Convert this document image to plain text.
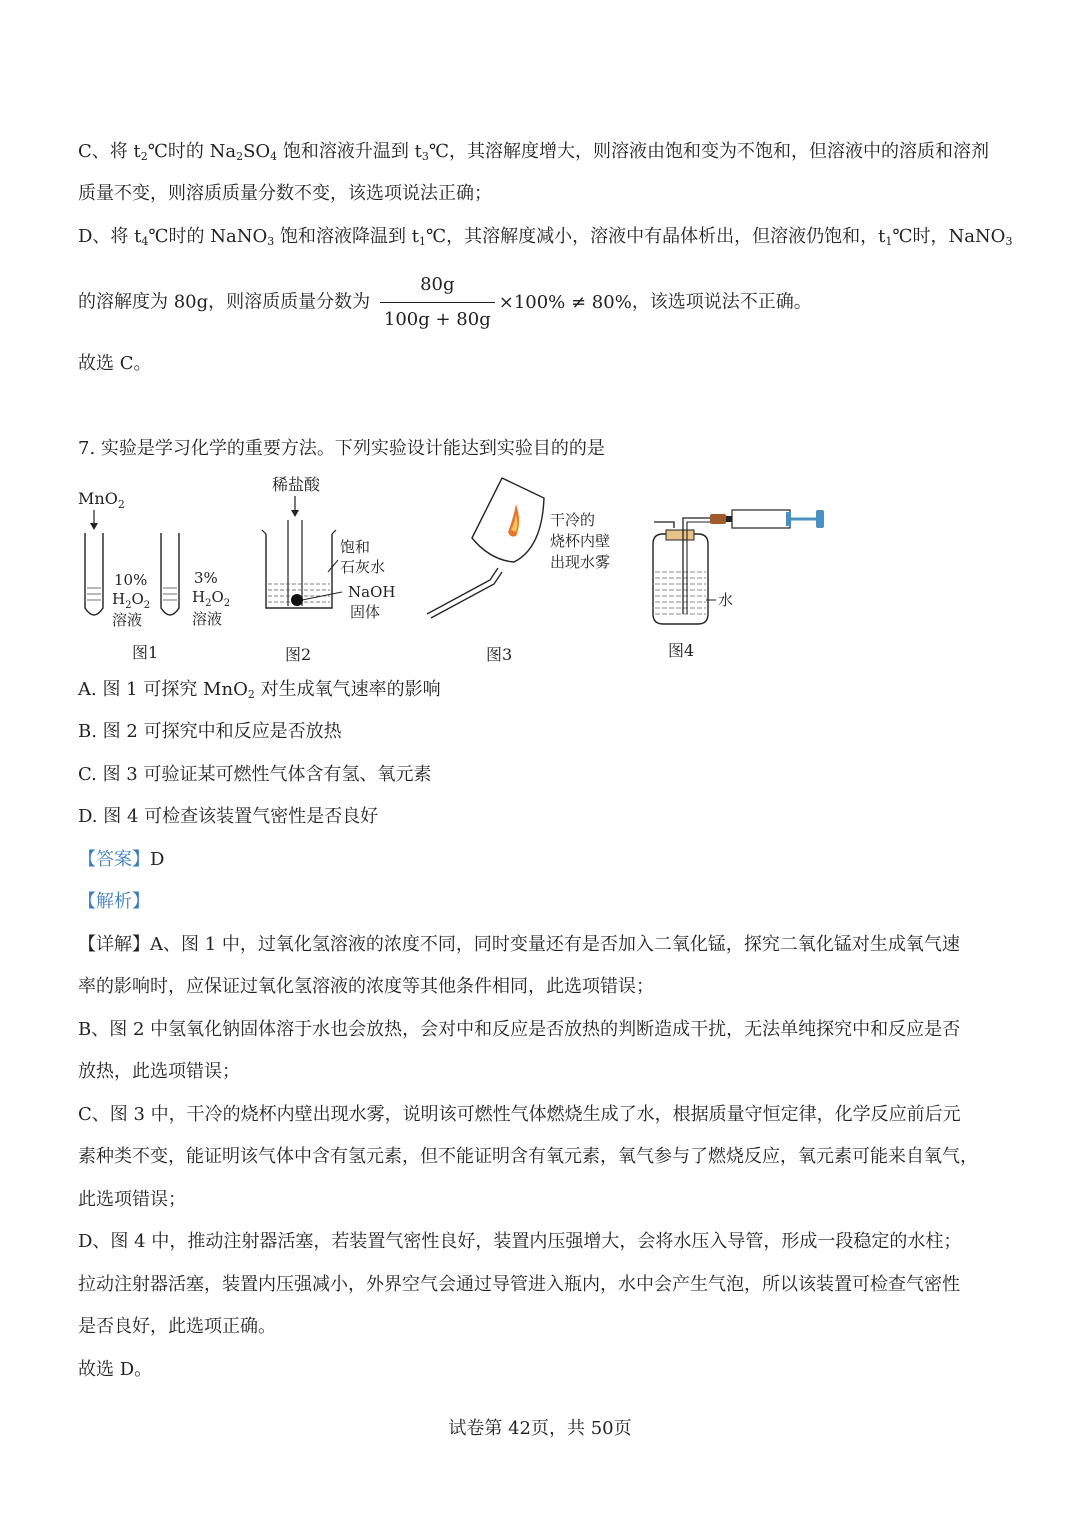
C、将 $t_2℃$时的 $Na_2SO_4$ 饱和溶液升温到 $t_3℃$，其溶解度增大，则溶液由饱和变为不饱和，但溶液中的溶质和溶剂
质量不变，则溶质质量分数不变，该选项说法正确；
D、将 $t_4℃$时的 NaNO$_3$ 饱和溶液降温到 $t_1℃$，其溶解度减小，溶液中有晶体析出，但溶液仍饱和，$t_1℃$时，NaNO$_3$
的溶解度为 80g，则溶质质量分数为 $\frac{80g}{100g + 80g} \times 100\% \ne 80\%$，该选项说法不正确。
故选 C。
7. 实验是学习化学的重要方法。下列实验设计能达到实验目的的是
MnO$_2$
10%
$H_2O_2$
溶液
3%
$H_2O_2$
溶液
图1
稀盐酸
饱和
石灰水
NaOH
固体
图2
干冷的
烧杯内壁
出现水雾
图3
水
图4
A. 图 1 可探究 MnO$_2$ 对生成氧气速率的影响
B. 图 2 可探究中和反应是否放热
C. 图 3 可验证某可燃性气体含有氢、氧元素
D. 图 4 可检查该装置气密性是否良好
【答案】D
【解析】
【详解】A、图 1 中，过氧化氢溶液的浓度不同，同时变量还有是否加入二氧化锰，探究二氧化锰对生成氧气速
率的影响时，应保证过氧化氢溶液的浓度等其他条件相同，此选项错误；
B、图 2 中氢氧化钠固体溶于水也会放热，会对中和反应是否放热的判断造成干扰，无法单纯探究中和反应是否
放热，此选项错误；
C、图 3 中，干冷的烧杯内壁出现水雾，说明该可燃性气体燃烧生成了水，根据质量守恒定律，化学反应前后元
素种类不变，能证明该气体中含有氢元素，但不能证明含有氧元素，氧气参与了燃烧反应，氧元素可能来自氧气，
此选项错误；
D、图 4 中，推动注射器活塞，若装置气密性良好，装置内压强增大，会将水压入导管，形成一段稳定的水柱；
拉动注射器活塞，装置内压强减小，外界空气会通过导管进入瓶内，水中会产生气泡，所以该装置可检查气密性
是否良好，此选项正确。
故选 D。
试卷第 42页，共 50页
